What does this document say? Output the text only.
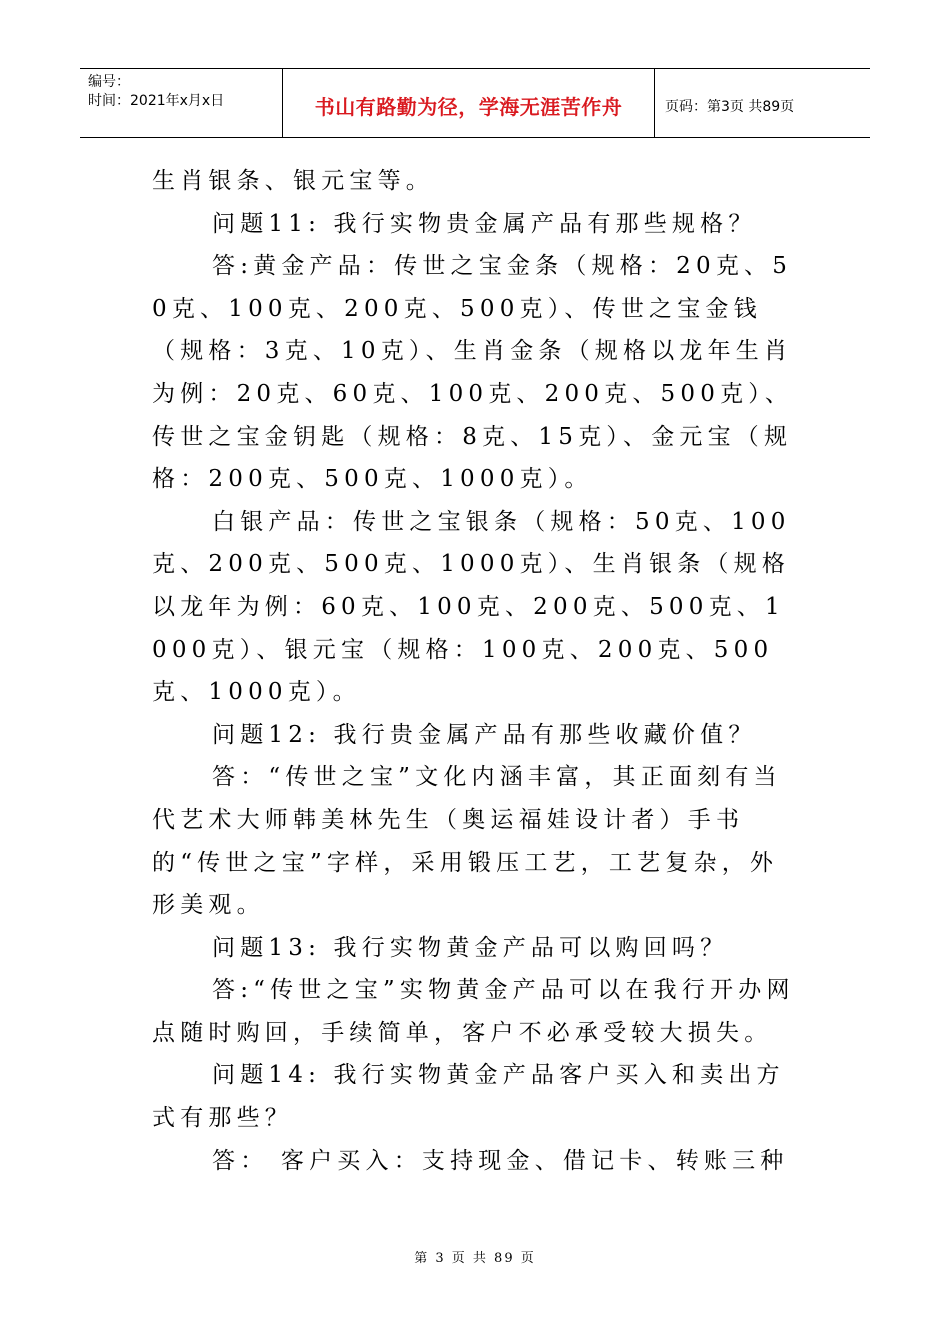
编号：
时间：2021年x月x日	书山有路勤为径，学海无涯苦作舟	页码：第3页 共89页

生肖银条、银元宝等。

问题11: 我行实物贵金属产品有那些规格？

答:黄金产品：传世之宝金条（规格：20克、50克、100克、200克、500克）、传世之宝金钱（规格：3克、10克）、生肖金条（规格以龙年生肖为例：20克、60克、100克、200克、500克）、传世之宝金钥匙（规格：8克、15克）、金元宝（规格：200克、500克、1000克）。

白银产品：传世之宝银条（规格：50克、100克、200克、500克、1000克）、生肖银条（规格以龙年为例：60克、100克、200克、500克、1000克）、银元宝（规格：100克、200克、500克、1000克）。

问题12: 我行贵金属产品有那些收藏价值？

答：“传世之宝”文化内涵丰富，其正面刻有当代艺术大师韩美林先生（奥运福娃设计者）手书的“传世之宝”字样，采用锻压工艺，工艺复杂，外形美观。

问题13: 我行实物黄金产品可以购回吗？

答:“传世之宝”实物黄金产品可以在我行开办网点随时购回，手续简单，客户不必承受较大损失。

问题14: 我行实物黄金产品客户买入和卖出方式有那些？

答： 客户买入：支持现金、借记卡、转账三种

第 3 页 共 89 页
